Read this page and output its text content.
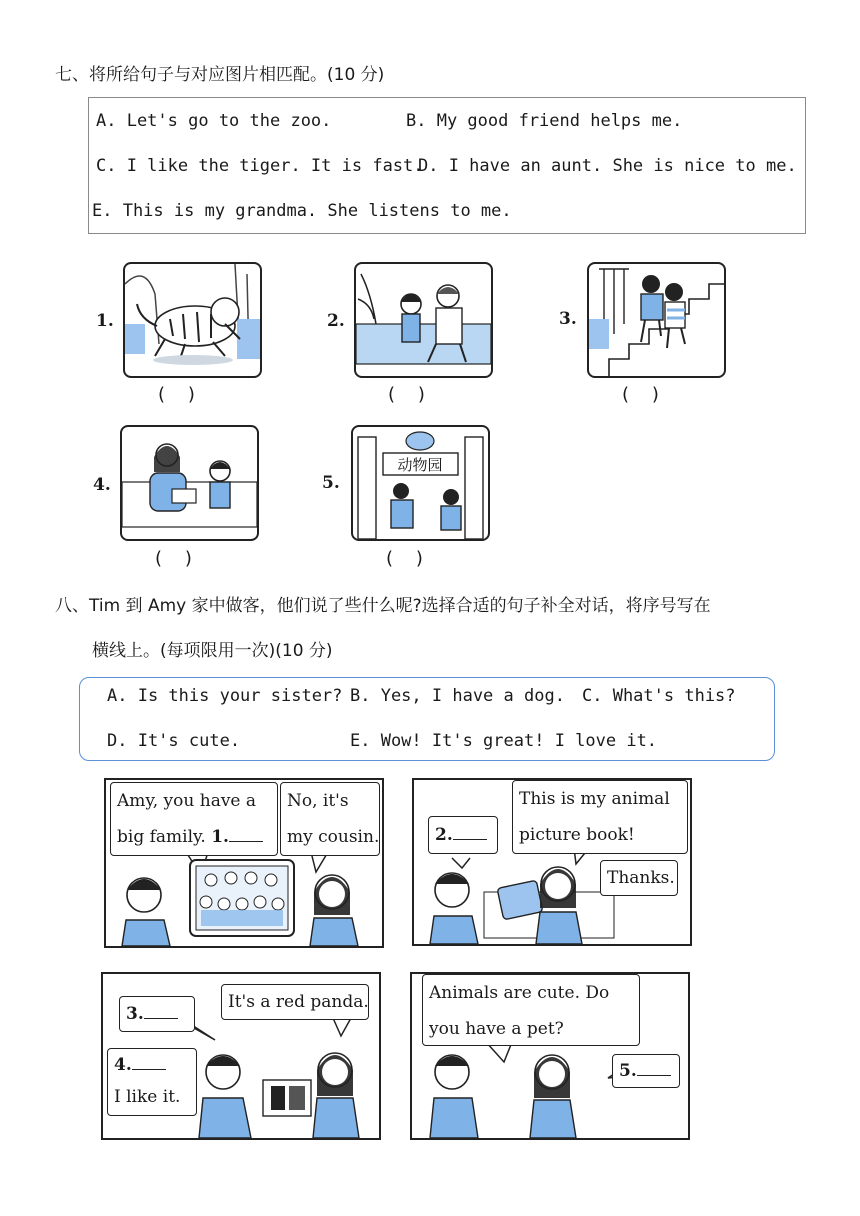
七、将所给句子与对应图片相匹配。(10 分)
A. Let's go to the zoo.	B. My good friend helps me.
C. I like the tiger. It is fast.
D. I have an aunt. She is nice to me.
E. This is my grandma. She listens to me.
1.
(    )
2.
(    )
3.
(    )
4.
(    )
5.
动物园
(    )
八、Tim 到 Amy 家中做客，他们说了些什么呢?选择合适的句子补全对话，将序号写在
横线上。(每项限用一次)(10 分)
A. Is this your sister? B. Yes, I have a dog. C. What's this?
D. It's cute.	E. Wow! It's great! I love it.
Amy, you have a
big family. 1.
No, it's
my cousin.	2.
This is my animal
picture book!
Thanks.
3.
It's a red panda.
4.
I like it.
Animals are cute. Do
you have a pet?
5.
